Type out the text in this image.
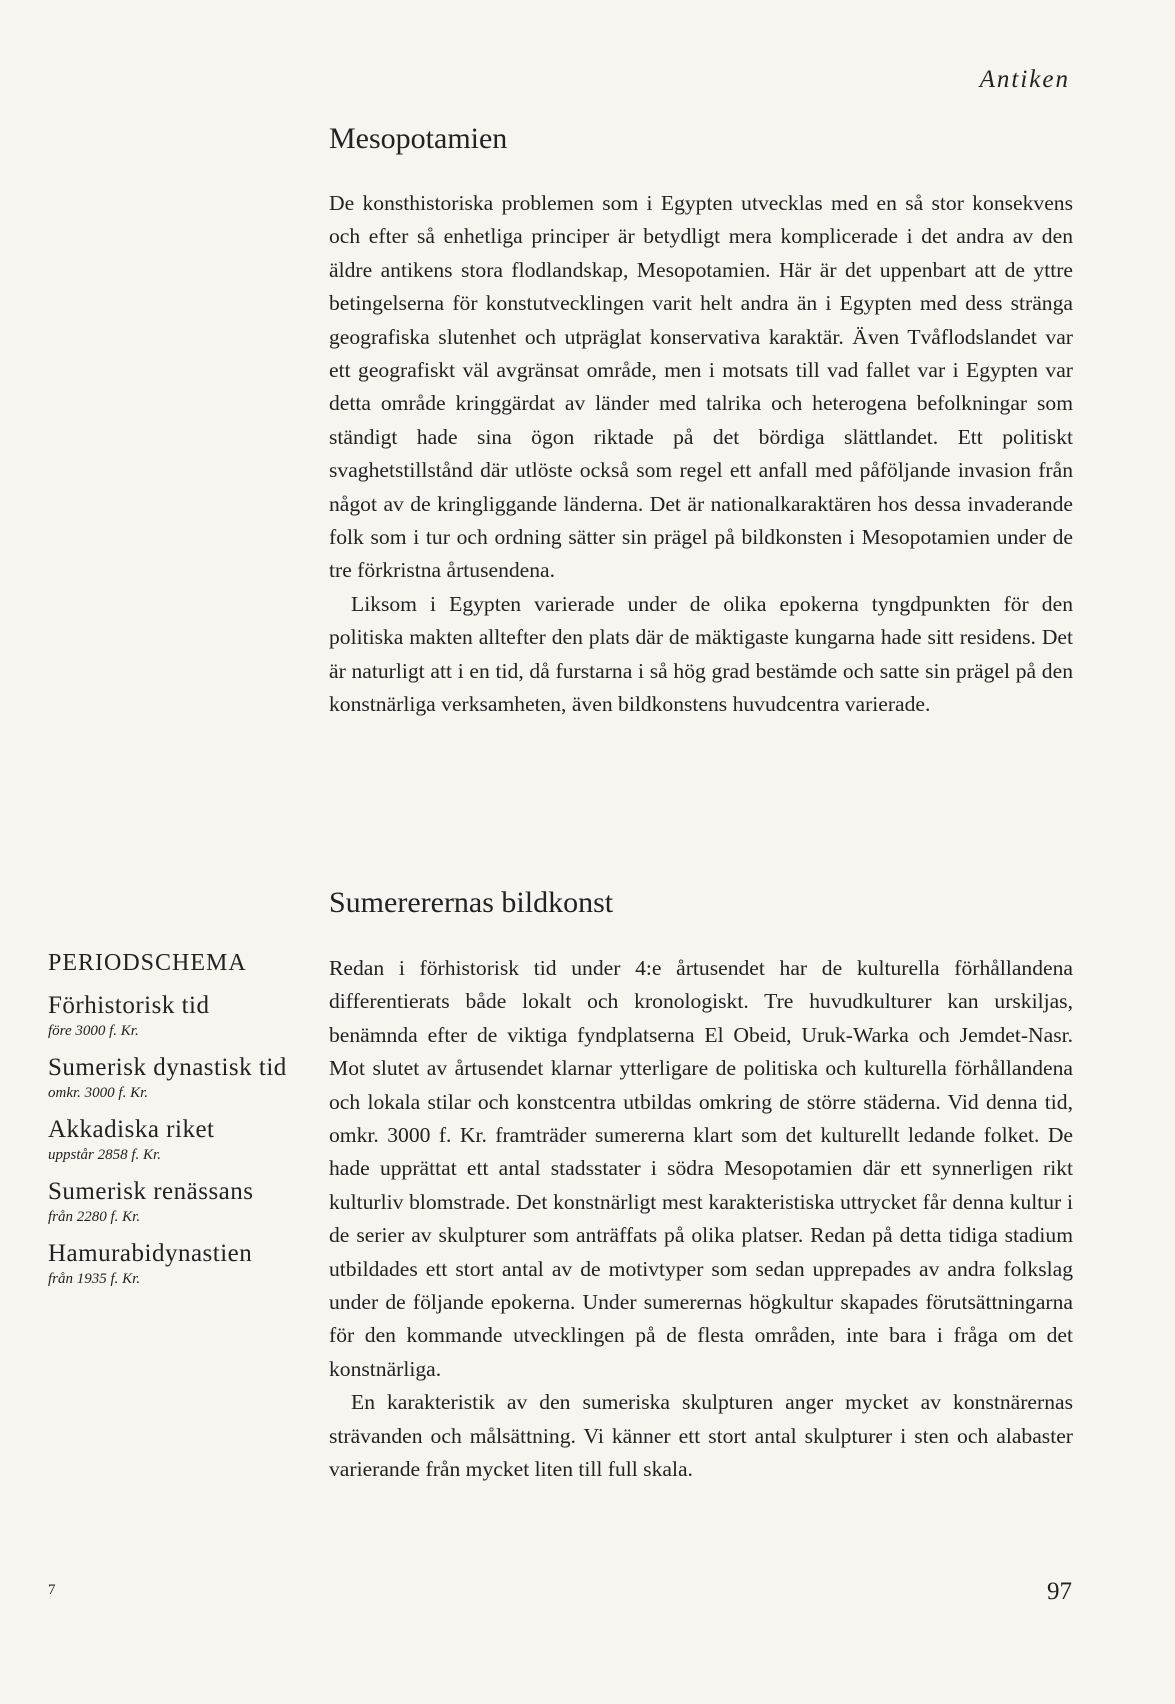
Antiken
Mesopotamien

De konsthistoriska problemen som i Egypten utvecklas med en så stor konsekvens och efter så enhetliga principer är betydligt mera komplicerade i det andra av den äldre antikens stora flodlandskap, Mesopotamien. Här är det uppenbart att de yttre betingelserna för konstutvecklingen varit helt andra än i Egypten med dess stränga geografiska slutenhet och utpräglat konservativa karaktär. Även Tvåflodslandet var ett geografiskt väl avgränsat område, men i motsats till vad fallet var i Egypten var detta område kringgärdat av länder med talrika och heterogena befolkningar som ständigt hade sina ögon riktade på det bördiga slättlandet. Ett politiskt svaghetstillstånd där utlöste också som regel ett anfall med påföljande invasion från något av de kringliggande länderna. Det är nationalkaraktären hos dessa invaderande folk som i tur och ordning sätter sin prägel på bildkonsten i Mesopotamien under de tre förkristna årtusendena.

Liksom i Egypten varierade under de olika epokerna tyngdpunkten för den politiska makten alltefter den plats där de mäktigaste kungarna hade sitt residens. Det är naturligt att i en tid, då furstarna i så hög grad bestämde och satte sin prägel på den konstnärliga verksamheten, även bildkonstens huvudcentra varierade.

Sumererernas bildkonst

Redan i förhistorisk tid under 4:e årtusendet har de kulturella förhållandena differentierats både lokalt och kronologiskt. Tre huvudkulturer kan urskiljas, benämnda efter de viktiga fyndplatserna El Obeid, Uruk-Warka och Jemdet-Nasr. Mot slutet av årtusendet klarnar ytterligare de politiska och kulturella förhållandena och lokala stilar och konstcentra utbildas omkring de större städerna. Vid denna tid, omkr. 3000 f. Kr. framträder sumererna klart som det kulturellt ledande folket. De hade upprättat ett antal stadsstater i södra Mesopotamien där ett synnerligen rikt kulturliv blomstrade. Det konstnärligt mest karakteristiska uttrycket får denna kultur i de serier av skulpturer som anträffats på olika platser. Redan på detta tidiga stadium utbildades ett stort antal av de motivtyper som sedan upprepades av andra folkslag under de följande epokerna. Under sumerernas högkultur skapades förutsättningarna för den kommande utvecklingen på de flesta områden, inte bara i fråga om det konstnärliga.

En karakteristik av den sumeriska skulpturen anger mycket av konstnärernas strävanden och målsättning. Vi känner ett stort antal skulpturer i sten och alabaster varierande från mycket liten till full skala.

PERIODSCHEMA
Förhistorisk tid
före 3000 f. Kr.
Sumerisk dynastisk tid
omkr. 3000 f. Kr.
Akkadiska riket
uppstår 2858 f. Kr.
Sumerisk renässans
från 2280 f. Kr.
Hamurabidynastien
från 1935 f. Kr.
7	97
